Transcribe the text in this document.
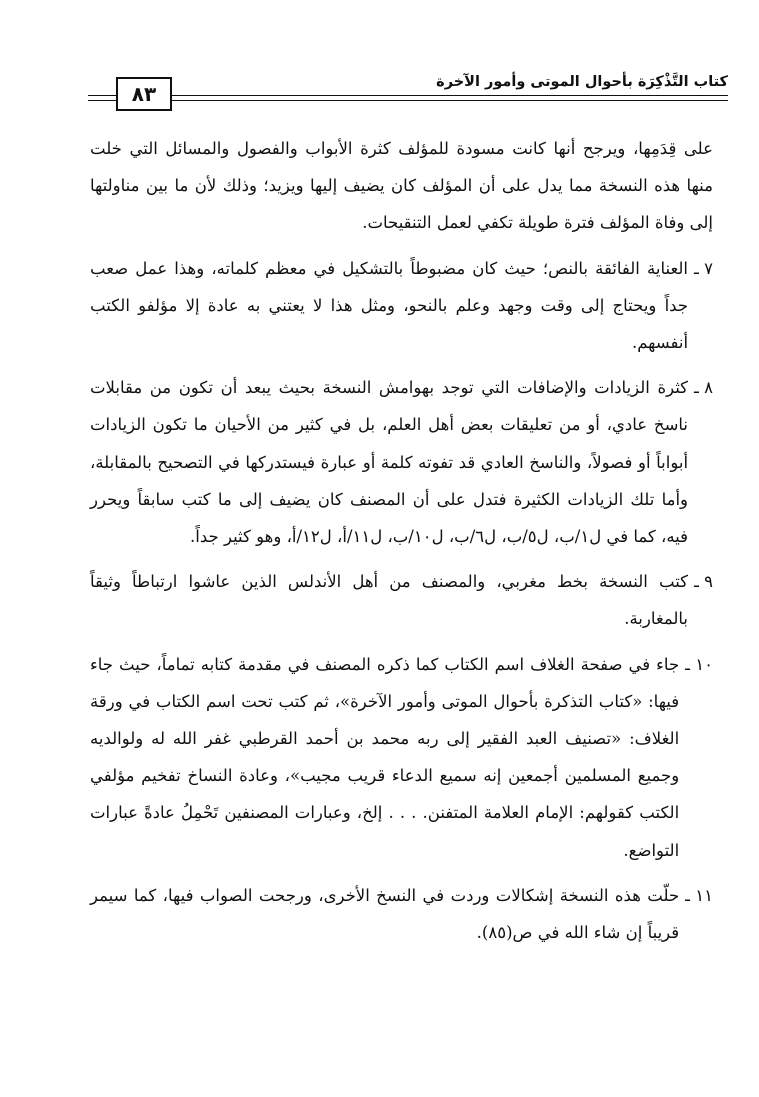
كتاب التَّذْكِرَة بأحوال الموتى وأمور الآخرة
٨٣

على قِدَمِها، ويرجح أنها كانت مسودة للمؤلف كثرة الأبواب والفصول والمسائل التي خلت منها هذه النسخة مما يدل على أن المؤلف كان يضيف إليها ويزيد؛ وذلك لأن ما بين مناولتها إلى وفاة المؤلف فترة طويلة تكفي لعمل التنقيحات.

٧ ـ
العناية الفائقة بالنص؛ حيث كان مضبوطاً بالتشكيل في معظم كلماته، وهذا عمل صعب جداً ويحتاج إلى وقت وجهد وعلم بالنحو، ومثل هذا لا يعتني به عادة إلا مؤلفو الكتب أنفسهم.

٨ ـ
كثرة الزيادات والإضافات التي توجد بهوامش النسخة بحيث يبعد أن تكون من مقابلات ناسخ عادي، أو من تعليقات بعض أهل العلم، بل في كثير من الأحيان ما تكون الزيادات أبواباً أو فصولاً، والناسخ العادي قد تفوته كلمة أو عبارة فيستدركها في التصحيح بالمقابلة، وأما تلك الزيادات الكثيرة فتدل على أن المصنف كان يضيف إلى ما كتب سابقاً ويحرر فيه، كما في ل١/ب، ل٥/ب، ل٦/ب، ل١٠/ب، ل١١/أ، ل١٢/أ، وهو كثير جداً.

٩ ـ
كتب النسخة بخط مغربي، والمصنف من أهل الأندلس الذين عاشوا ارتباطاً وثيقاً بالمغاربة.

١٠ ـ
جاء في صفحة الغلاف اسم الكتاب كما ذكره المصنف في مقدمة كتابه تماماً، حيث جاء فيها: «كتاب التذكرة بأحوال الموتى وأمور الآخرة»، ثم كتب تحت اسم الكتاب في ورقة الغلاف: «تصنيف العبد الفقير إلى ربه محمد بن أحمد القرطبي غفر الله له ولوالديه وجميع المسلمين أجمعين إنه سميع الدعاء قريب مجيب»، وعادة النساخ تفخيم مؤلفي الكتب كقولهم: الإمام العلامة المتفنن. . . . إلخ، وعبارات المصنفين تَحْمِلُ عادةً عبارات التواضع.

١١ ـ
حلّت هذه النسخة إشكالات وردت في النسخ الأخرى، ورجحت الصواب فيها، كما سيمر قريباً إن شاء الله في ص(٨٥).
